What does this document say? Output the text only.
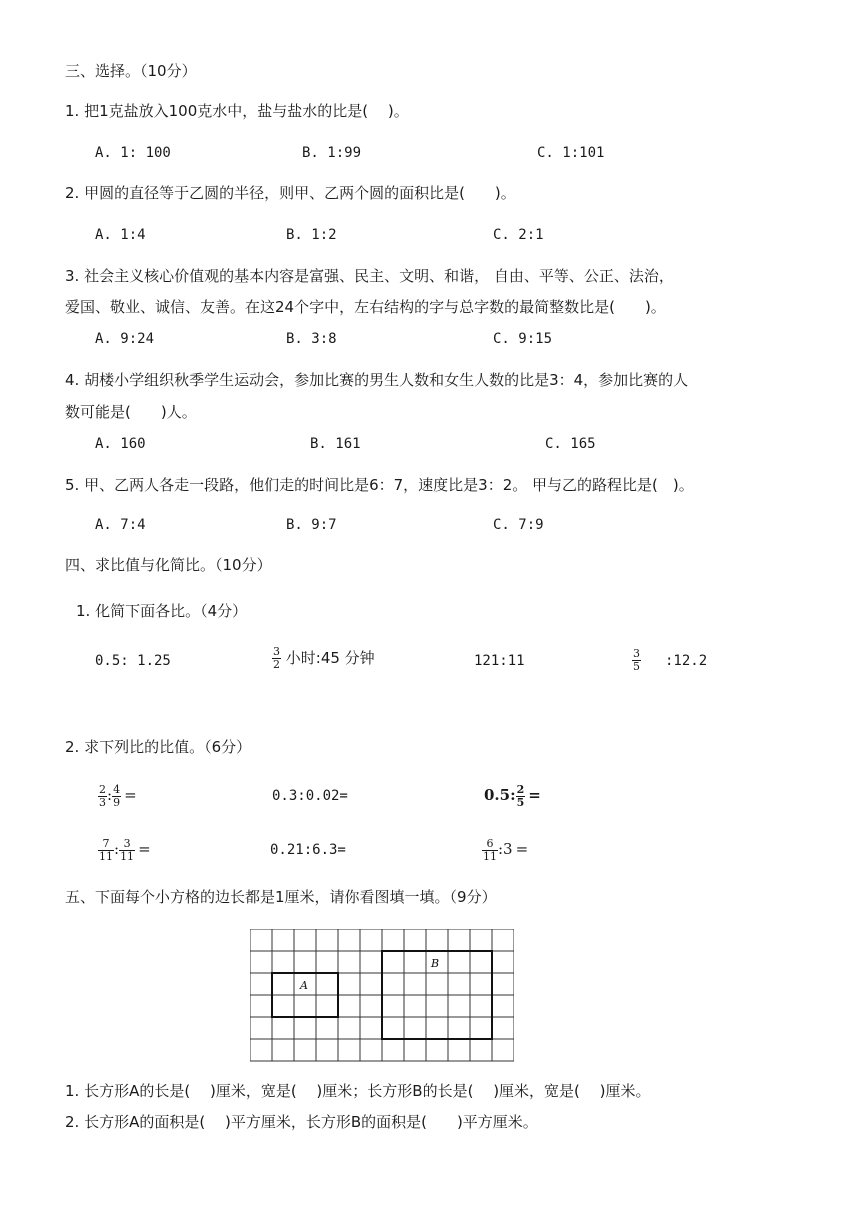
三、选择。（10分）
1. 把1克盐放入100克水中，盐与盐水的比是(　 )。
A. 1: 100	B. 1:99	C. 1:101
2. 甲圆的直径等于乙圆的半径，则甲、乙两个圆的面积比是(　　)。
A. 1:4	B. 1:2	C. 2:1
3. 社会主义核心价值观的基本内容是富强、民主、文明、和谐， 自由、平等、公正、法治，
爱国、敬业、诚信、友善。在这24个字中，左右结构的字与总字数的最简整数比是(　　)。
A. 9:24	B. 3:8	C. 9:15
4. 胡楼小学组织秋季学生运动会，参加比赛的男生人数和女生人数的比是3：4，参加比赛的人
数可能是(　　)人。
A. 160	B. 161	C. 165
5. 甲、乙两人各走一段路，他们走的时间比是6：7，速度比是3：2。 甲与乙的路程比是(　)。
A. 7:4	B. 9:7	C. 7:9
四、求比值与化简比。（10分）
1. 化简下面各比。（4分）
0.5: 1.25	$\frac{3}{2}$ 小时:45 分钟	121:11	$\frac{3}{5}$ :12.2
2. 求下列比的比值。（6分）
$\frac{2}{3}$ : $\frac{4}{9}$ =	0.3:0.02=	0.5: $\frac{2}{5}$ =
$\frac{7}{11}$ : $\frac{3}{11}$ =	0.21:6.3=	$\frac{6}{11}$ :3 =
五、下面每个小方格的边长都是1厘米，请你看图填一填。（9分）
A
B
1. 长方形A的长是(　 )厘米，宽是(　 )厘米；长方形B的长是(　 )厘米，宽是(　 )厘米。
2. 长方形A的面积是(　 )平方厘米，长方形B的面积是(　　)平方厘米。
